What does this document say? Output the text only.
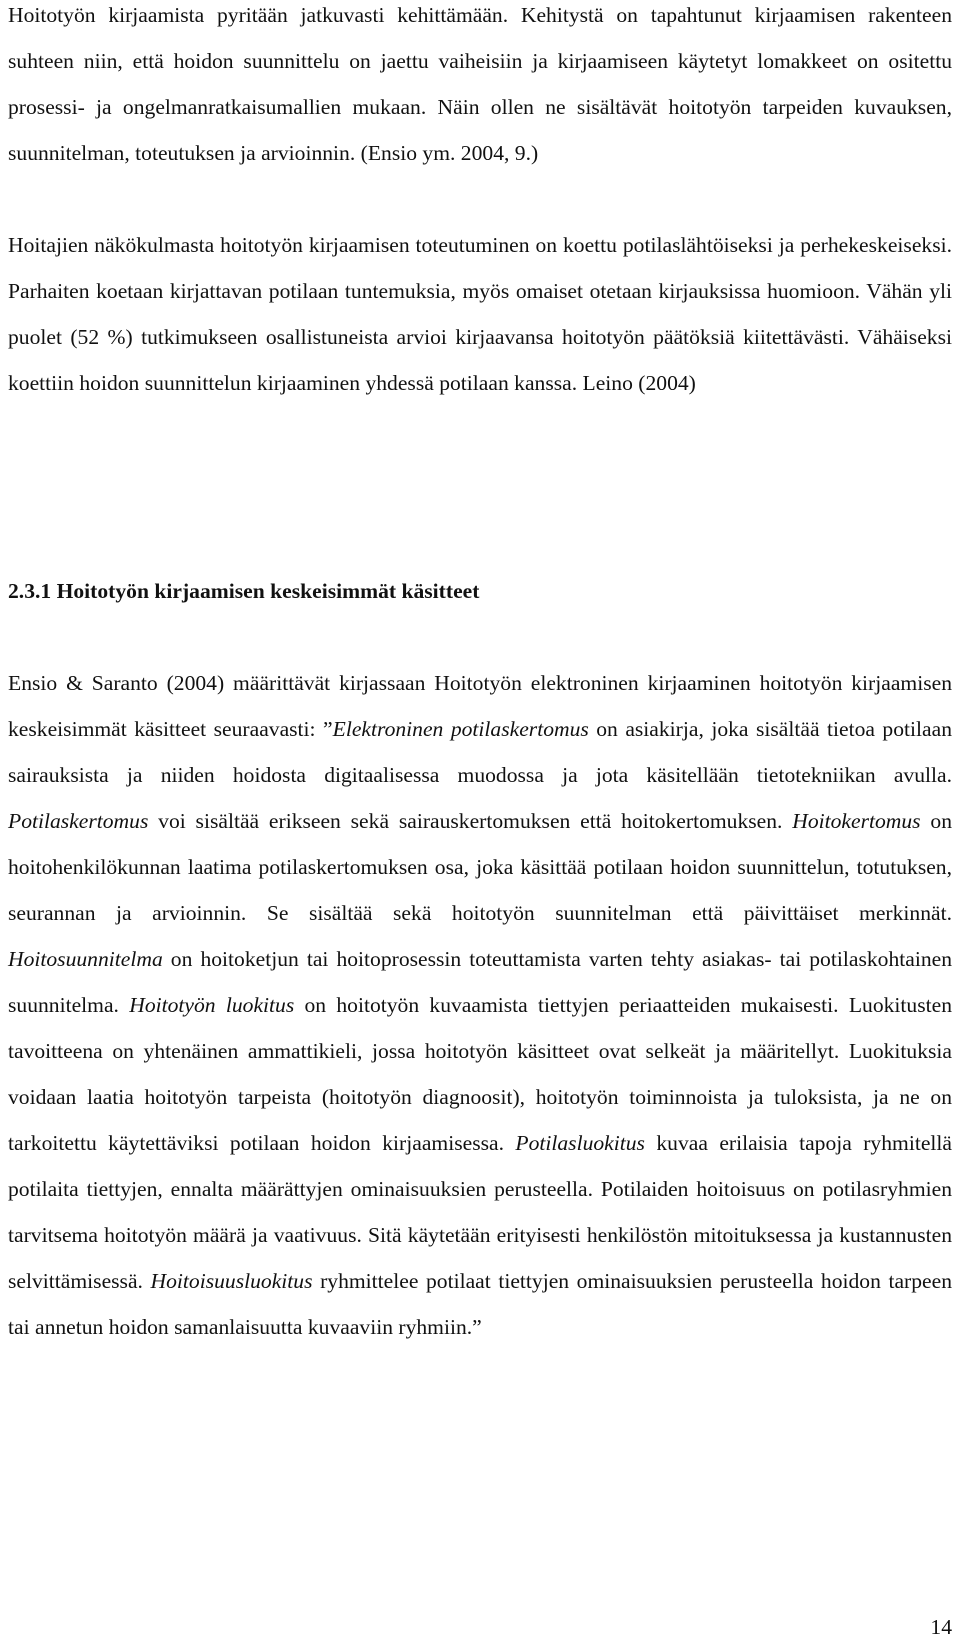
Hoitotyön kirjaamista pyritään jatkuvasti kehittämään. Kehitystä on tapahtunut kirjaamisen rakenteen suhteen niin, että hoidon suunnittelu on jaettu vaiheisiin ja kirjaamiseen käytetyt lomakkeet on ositettu prosessi- ja ongelmanratkaisumallien mukaan. Näin ollen ne sisältävät hoitotyön tarpeiden kuvauksen, suunnitelman, toteutuksen ja arvioinnin. (Ensio ym. 2004, 9.)

Hoitajien näkökulmasta hoitotyön kirjaamisen toteutuminen on koettu potilaslähtöiseksi ja perhekeskeiseksi. Parhaiten koetaan kirjattavan potilaan tuntemuksia, myös omaiset otetaan kirjauksissa huomioon. Vähän yli puolet (52 %) tutkimukseen osallistuneista arvioi kirjaavansa hoitotyön päätöksiä kiitettävästi. Vähäiseksi koettiin hoidon suunnittelun kirjaaminen yhdessä potilaan kanssa. Leino (2004)

2.3.1 Hoitotyön kirjaamisen keskeisimmät käsitteet

Ensio & Saranto (2004) määrittävät kirjassaan Hoitotyön elektroninen kirjaaminen hoitotyön kirjaamisen keskeisimmät käsitteet seuraavasti: ”Elektroninen potilaskertomus on asiakirja, joka sisältää tietoa potilaan sairauksista ja niiden hoidosta digitaalisessa muodossa ja jota käsitellään tietotekniikan avulla. Potilaskertomus voi sisältää erikseen sekä sairauskertomuksen että hoitokertomuksen. Hoitokertomus on hoitohenkilökunnan laatima potilaskertomuksen osa, joka käsittää potilaan hoidon suunnittelun, totutuksen, seurannan ja arvioinnin. Se sisältää sekä hoitotyön suunnitelman että päivittäiset merkinnät. Hoitosuunnitelma on hoitoketjun tai hoitoprosessin toteuttamista varten tehty asiakas- tai potilaskohtainen suunnitelma. Hoitotyön luokitus on hoitotyön kuvaamista tiettyjen periaatteiden mukaisesti. Luokitusten tavoitteena on yhtenäinen ammattikieli, jossa hoitotyön käsitteet ovat selkeät ja määritellyt. Luokituksia voidaan laatia hoitotyön tarpeista (hoitotyön diagnoosit), hoitotyön toiminnoista ja tuloksista, ja ne on tarkoitettu käytettäviksi potilaan hoidon kirjaamisessa. Potilasluokitus kuvaa erilaisia tapoja ryhmitellä potilaita tiettyjen, ennalta määrättyjen ominaisuuksien perusteella. Potilaiden hoitoisuus on potilasryhmien tarvitsema hoitotyön määrä ja vaativuus. Sitä käytetään erityisesti henkilöstön mitoituksessa ja kustannusten selvittämisessä. Hoitoisuusluokitus ryhmittelee potilaat tiettyjen ominaisuuksien perusteella hoidon tarpeen tai annetun hoidon samanlaisuutta kuvaaviin ryhmiin.”

14
